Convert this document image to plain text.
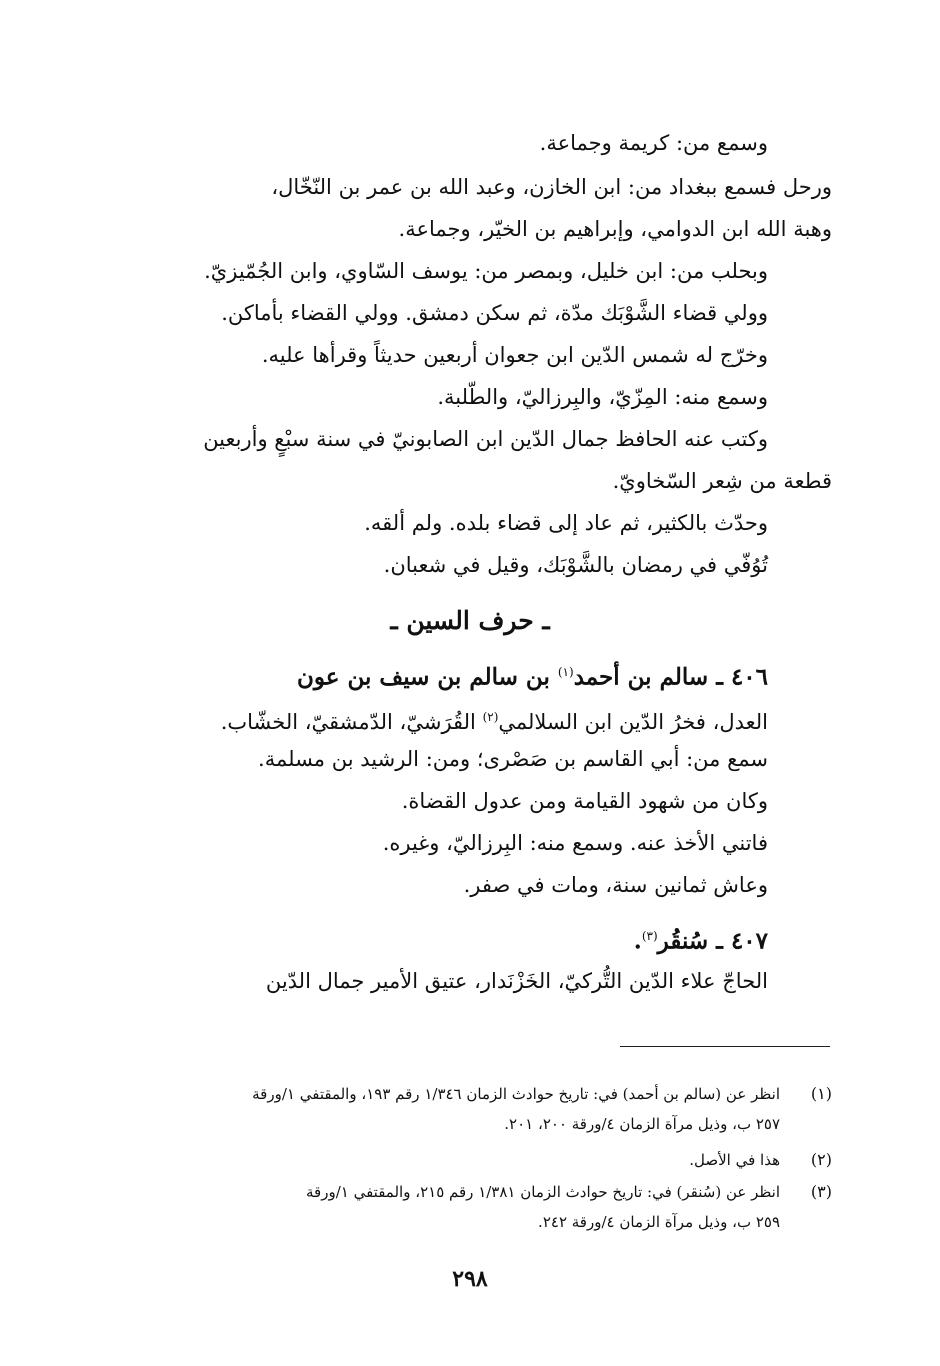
وسمع من: كريمة وجماعة.
ورحل فسمع ببغداد من: ابن الخازن، وعبد الله بن عمر بن النّخّال،
وهبة الله ابن الدوامي، وإبراهيم بن الخيّر، وجماعة.
وبحلب من: ابن خليل، وبمصر من: يوسف السّاوي، وابن الجُمّيزيّ.
وولي قضاء الشَّوْبَك مدّة، ثم سكن دمشق. وولي القضاء بأماكن.
وخرّج له شمس الدّين ابن جعوان أربعين حديثاً وقرأها عليه.
وسمع منه: المِزّيّ، والبِرزاليّ، والطّلبة.
وكتب عنه الحافظ جمال الدّين ابن الصابونيّ في سنة سبْعٍ وأربعين
قطعة من شِعر السّخاويّ.
وحدّث بالكثير، ثم عاد إلى قضاء بلده. ولم ألقه.
تُوُفّي في رمضان بالشَّوْبَك، وقيل في شعبان.
ـ حرف السين ـ
٤٠٦ ـ سالم بن أحمد$^{(١)}$ بن سالم بن سيف بن عون
العدل، فخرُ الدّين ابن السلالمي$^{(٢)}$ القُرَشيّ، الدّمشقيّ، الخشّاب.
سمع من: أبي القاسم بن صَصْرى؛ ومن: الرشيد بن مسلمة.
وكان من شهود القيامة ومن عدول القضاة.
فاتني الأخذ عنه. وسمع منه: البِرزاليّ، وغيره.
وعاش ثمانين سنة، ومات في صفر.
٤٠٧ ـ سُنقُر$^{(٣)}$.
الحاجّ علاء الدّين التُّركيّ، الخَزْنَدار، عتيق الأمير جمال الدّين
(١)
انظر عن (سالم بن أحمد) في: تاريخ حوادث الزمان ١/٣٤٦ رقم ١٩٣، والمقتفي ١/ورقة
٢٥٧ ب، وذيل مرآة الزمان ٤/ورقة ٢٠٠، ٢٠١.
(٢)
هذا في الأصل.
(٣)
انظر عن (سُنقر) في: تاريخ حوادث الزمان ١/٣٨١ رقم ٢١٥، والمقتفي ١/ورقة
٢٥٩ ب، وذيل مرآة الزمان ٤/ورقة ٢٤٢.
٢٩٨
